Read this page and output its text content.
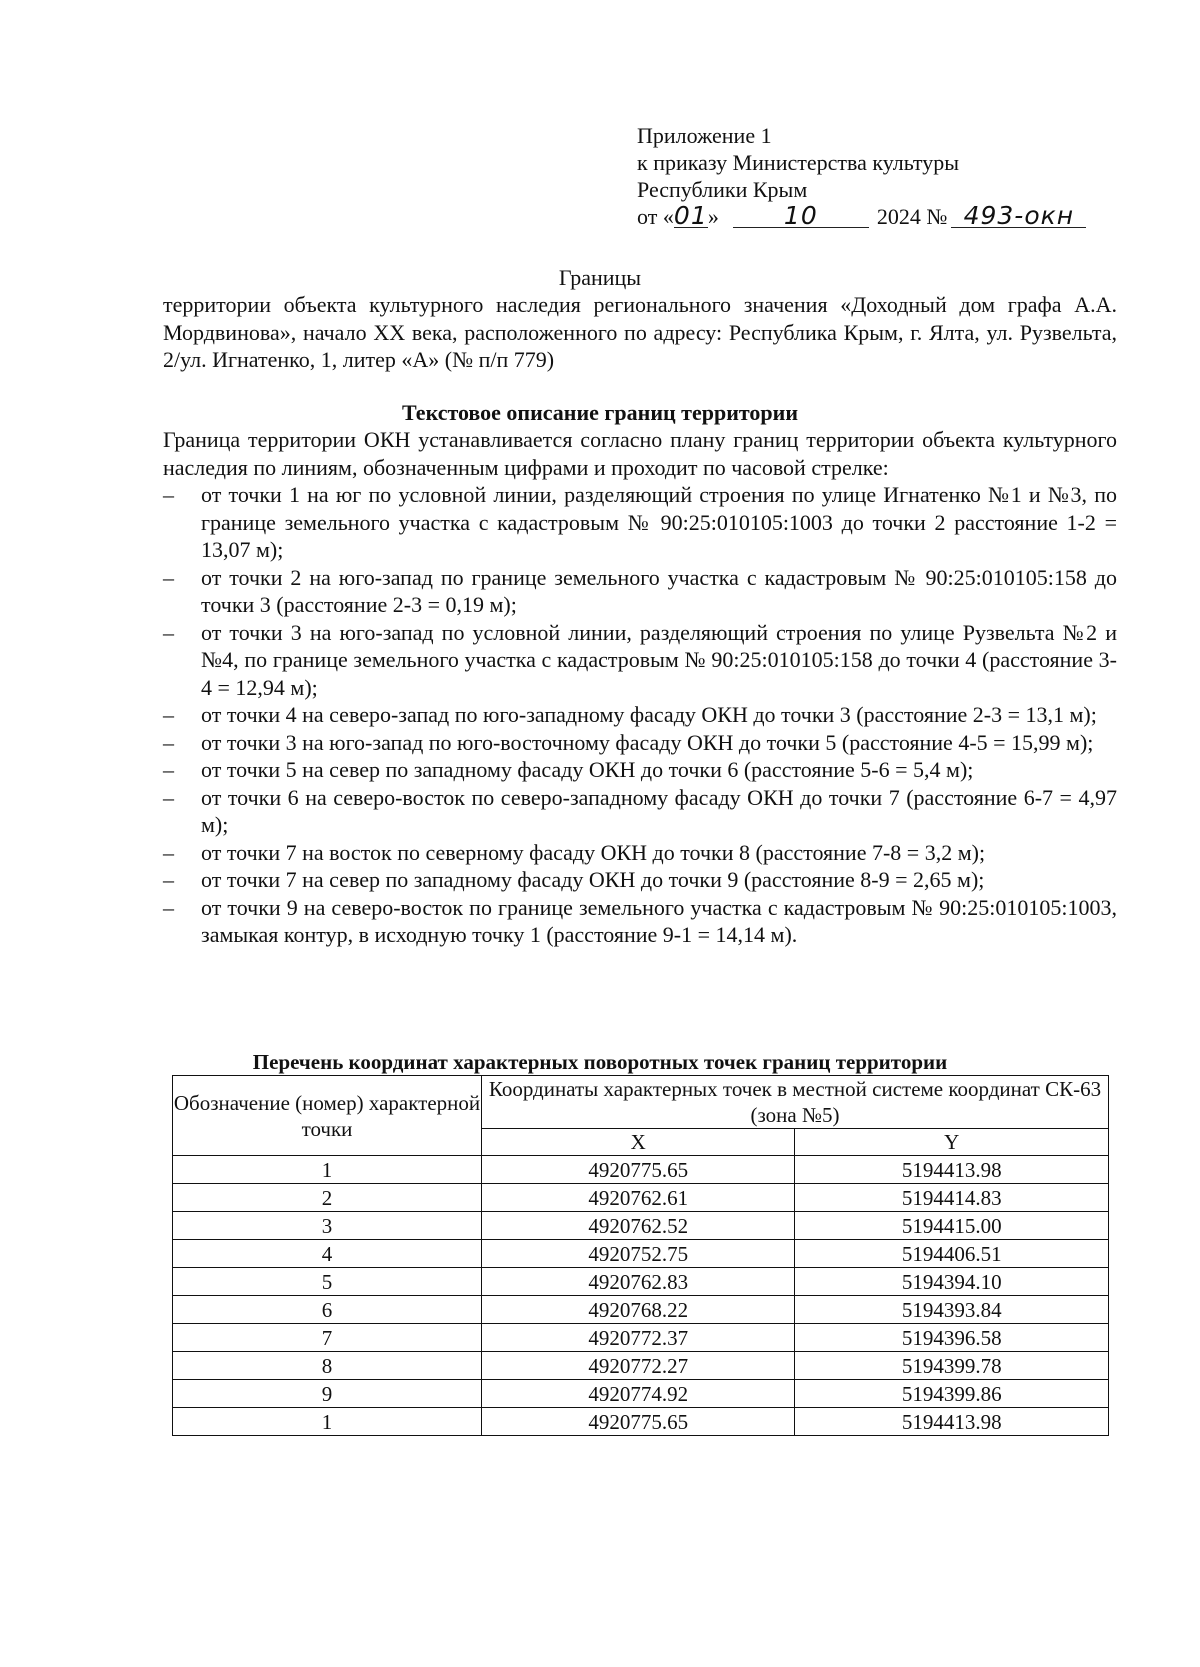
Приложение 1
к приказу Министерства культуры
Республики Крым
от «01»	10	2024 № 493-окн
Границы
территории объекта культурного наследия регионального значения «Доходный дом графа А.А. Мордвинова», начало XX века, расположенного по адресу: Республика Крым, г. Ялта, ул. Рузвельта, 2/ул. Игнатенко, 1, литер «А» (№ п/п 779)
Текстовое описание границ территории
Граница территории ОКН устанавливается согласно плану границ территории объекта культурного наследия по линиям, обозначенным цифрами и проходит по часовой стрелке:
– от точки 1 на юг по условной линии, разделяющий строения по улице Игнатенко №1 и №3, по границе земельного участка с кадастровым № 90:25:010105:1003 до точки 2 расстояние 1-2 = 13,07 м);
– от точки 2 на юго-запад по границе земельного участка с кадастровым № 90:25:010105:158 до точки 3 (расстояние 2-3 = 0,19 м);
– от точки 3 на юго-запад по условной линии, разделяющий строения по улице Рузвельта №2 и №4, по границе земельного участка с кадастровым № 90:25:010105:158 до точки 4 (расстояние 3-4 = 12,94 м);
– от точки 4 на северо-запад по юго-западному фасаду ОКН до точки 3 (расстояние 2-3 = 13,1 м);
– от точки 3 на юго-запад по юго-восточному фасаду ОКН до точки 5 (расстояние 4-5 = 15,99 м);
– от точки 5 на север по западному фасаду ОКН до точки 6 (расстояние 5-6 = 5,4 м);
– от точки 6 на северо-восток по северо-западному фасаду ОКН до точки 7 (расстояние 6-7 = 4,97 м);
– от точки 7 на восток по северному фасаду ОКН до точки 8 (расстояние 7-8 = 3,2 м);
– от точки 7 на север по западному фасаду ОКН до точки 9 (расстояние 8-9 = 2,65 м);
– от точки 9 на северо-восток по границе земельного участка с кадастровым № 90:25:010105:1003, замыкая контур, в исходную точку 1 (расстояние 9-1 = 14,14 м).
Перечень координат характерных поворотных точек границ территории
Обозначение (номер) характерной точки	Координаты характерных точек в местной системе координат СК-63 (зона №5)	
	X	Y
1	4920775.65	5194413.98
2	4920762.61	5194414.83
3	4920762.52	5194415.00
4	4920752.75	5194406.51
5	4920762.83	5194394.10
6	4920768.22	5194393.84
7	4920772.37	5194396.58
8	4920772.27	5194399.78
9	4920774.92	5194399.86
1	4920775.65	5194413.98
